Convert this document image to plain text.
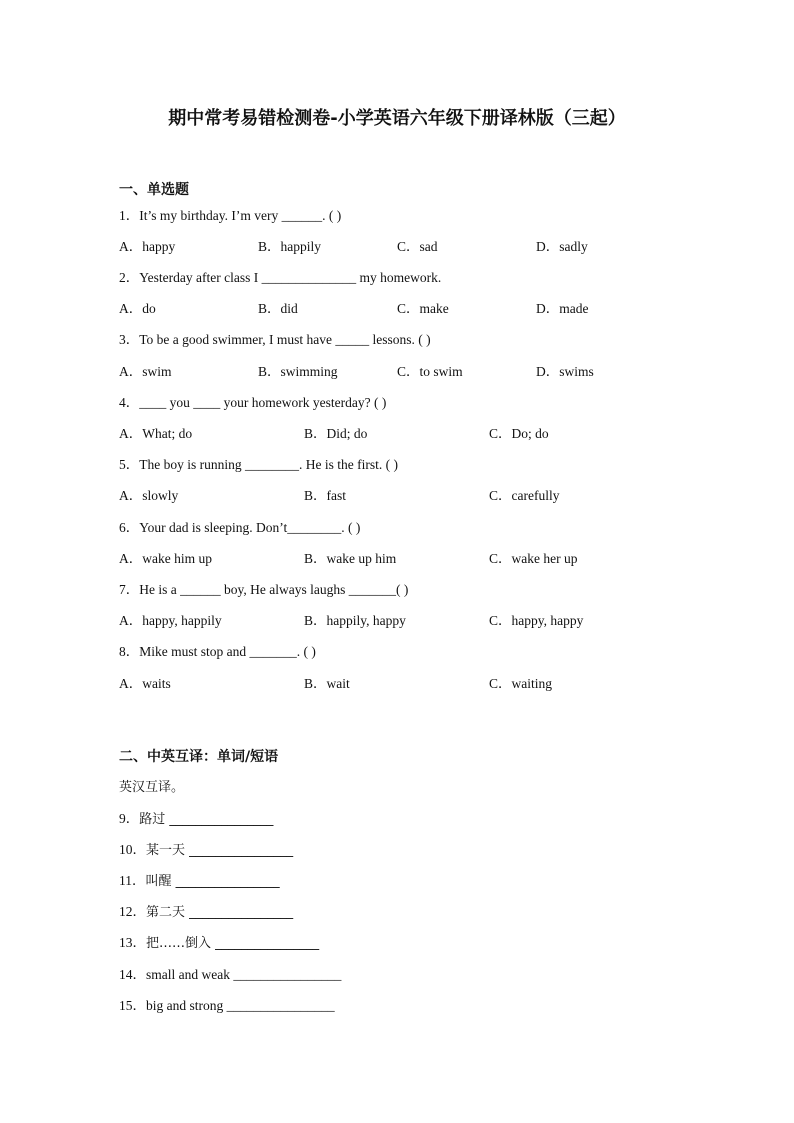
期中常考易错检测卷-小学英语六年级下册译林版（三起）
一、单选题
1．It’s my birthday. I’m very ______. ( )
A．happy	B．happily	C．sad	D．sadly
2．Yesterday after class I ______________ my homework.
A．do	B．did	C．make	D．made
3．To be a good swimmer, I must have _____ lessons. ( )
A．swim	B．swimming	C．to swim	D．swims
4．____ you ____ your homework yesterday? ( )
A．What; do	B．Did; do	C．Do; do
5．The boy is running ________. He is the first. ( )
A．slowly	B．fast	C．carefully
6．Your dad is sleeping. Don’t________. ( )
A．wake him up	B．wake up him	C．wake her up
7．He is a ______ boy, He always laughs _______( )
A．happy, happily	B．happily, happy	C．happy, happy
8．Mike must stop and _______. ( )
A．waits	B．wait	C．waiting
二、中英互译：单词/短语
英汉互译。
9．路过 ________________
10．某一天 ________________
11．叫醒 ________________
12．第二天 ________________
13．把……倒入 ________________
14．small and weak ________________
15．big and strong ________________
